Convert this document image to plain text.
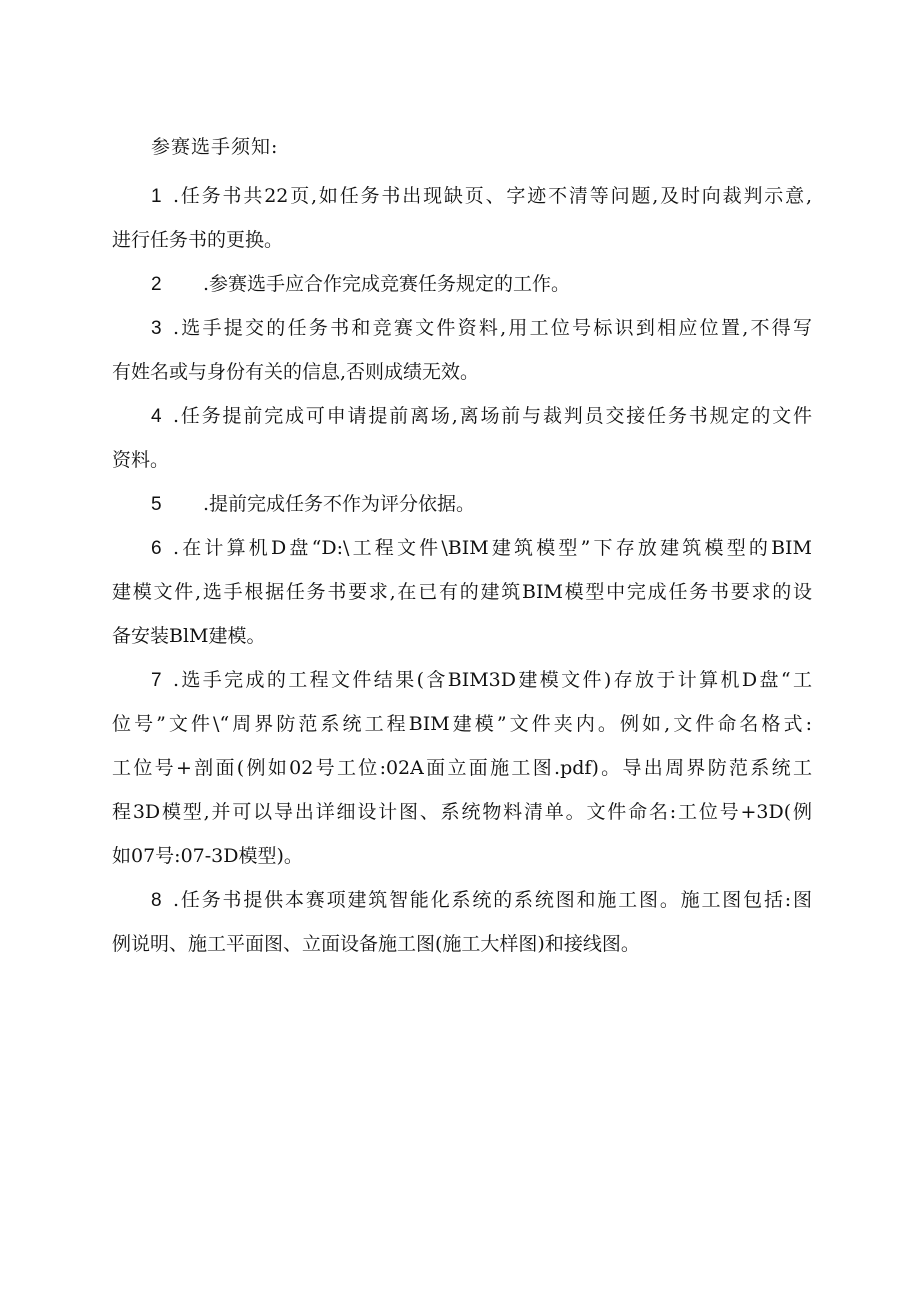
参赛选手须知:

1 .任务书共22页,如任务书出现缺页、字迹不清等问题,及时向裁判示意,

进行任务书的更换。

2 .参赛选手应合作完成竞赛任务规定的工作。

3 .选手提交的任务书和竞赛文件资料,用工位号标识到相应位置,不得写

有姓名或与身份有关的信息,否则成绩无效。

4 .任务提前完成可申请提前离场,离场前与裁判员交接任务书规定的文件

资料。

5 .提前完成任务不作为评分依据。

6 .在计算机D盘“D:\工程文件\BIM建筑模型”下存放建筑模型的BIM

建模文件,选手根据任务书要求,在已有的建筑BIM模型中完成任务书要求的设

备安装BlM建模。

7 .选手完成的工程文件结果(含BIM3D建模文件)存放于计算机D盘“工

位号”文件\“周界防范系统工程BIM建模”文件夹内。例如,文件命名格式:

工位号+剖面(例如02号工位:02A面立面施工图.pdf)。导出周界防范系统工

程3D模型,并可以导出详细设计图、系统物料清单。文件命名:工位号+3D(例

如07号:07-3D模型)。

8 .任务书提供本赛项建筑智能化系统的系统图和施工图。施工图包括:图

例说明、施工平面图、立面设备施工图(施工大样图)和接线图。
